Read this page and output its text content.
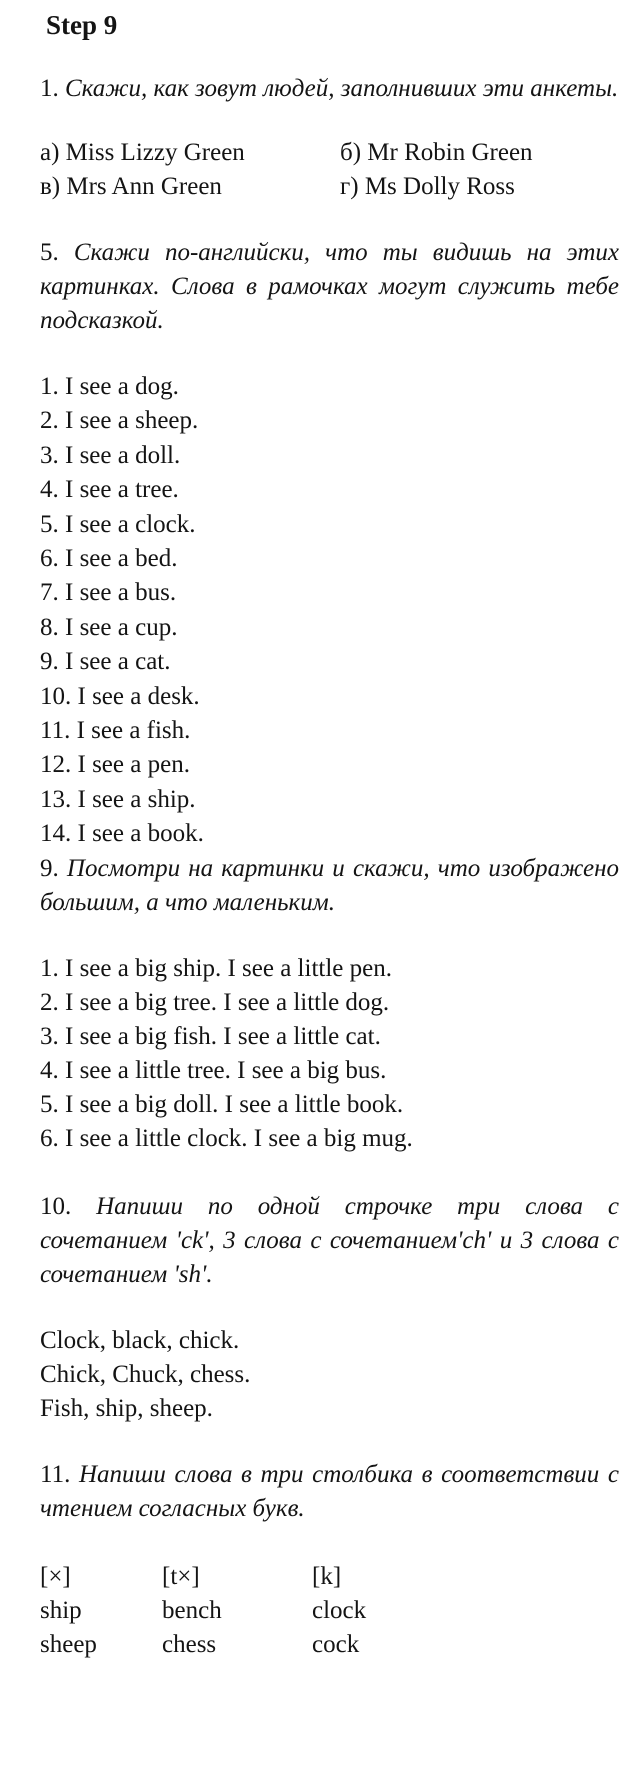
Step 9

1. Скажи, как зовут людей, заполнивших эти анкеты.

а) Miss Lizzy Green	б) Mr Robin Green

в) Mrs Ann Green	г) Ms Dolly Ross

5. Скажи по-английски, что ты видишь на этих картинках. Слова в рамочках могут служить тебе подсказкой.

1. I see a dog.

2. I see a sheep.

3. I see a doll.

4. I see a tree.

5. I see a clock.

6. I see a bed.

7. I see a bus.

8. I see a cup.

9. I see a cat.

10. I see a desk.

11. I see a fish.

12. I see a pen.

13. I see a ship.

14. I see a book.

9. Посмотри на картинки и скажи, что изображено большим, а что маленьким.

1. I see a big ship. I see a little pen.

2. I see a big tree. I see a little dog.

3. I see a big fish. I see a little cat.

4. I see a little tree. I see a big bus.

5. I see a big doll. I see a little book.

6. I see a little clock. I see a big mug.

10. Напиши по одной строчке три слова с сочетанием 'ck', 3 слова с сочетанием'ch' и 3 слова с сочетанием 'sh'.

Clock, black, chick.

Chick, Chuck, chess.

Fish, ship, sheep.

11. Напиши слова в три столбика в соответствии с чтением согласных букв.

[×]	[t×]	[k]

ship	bench	clock

sheep	chess	cock
